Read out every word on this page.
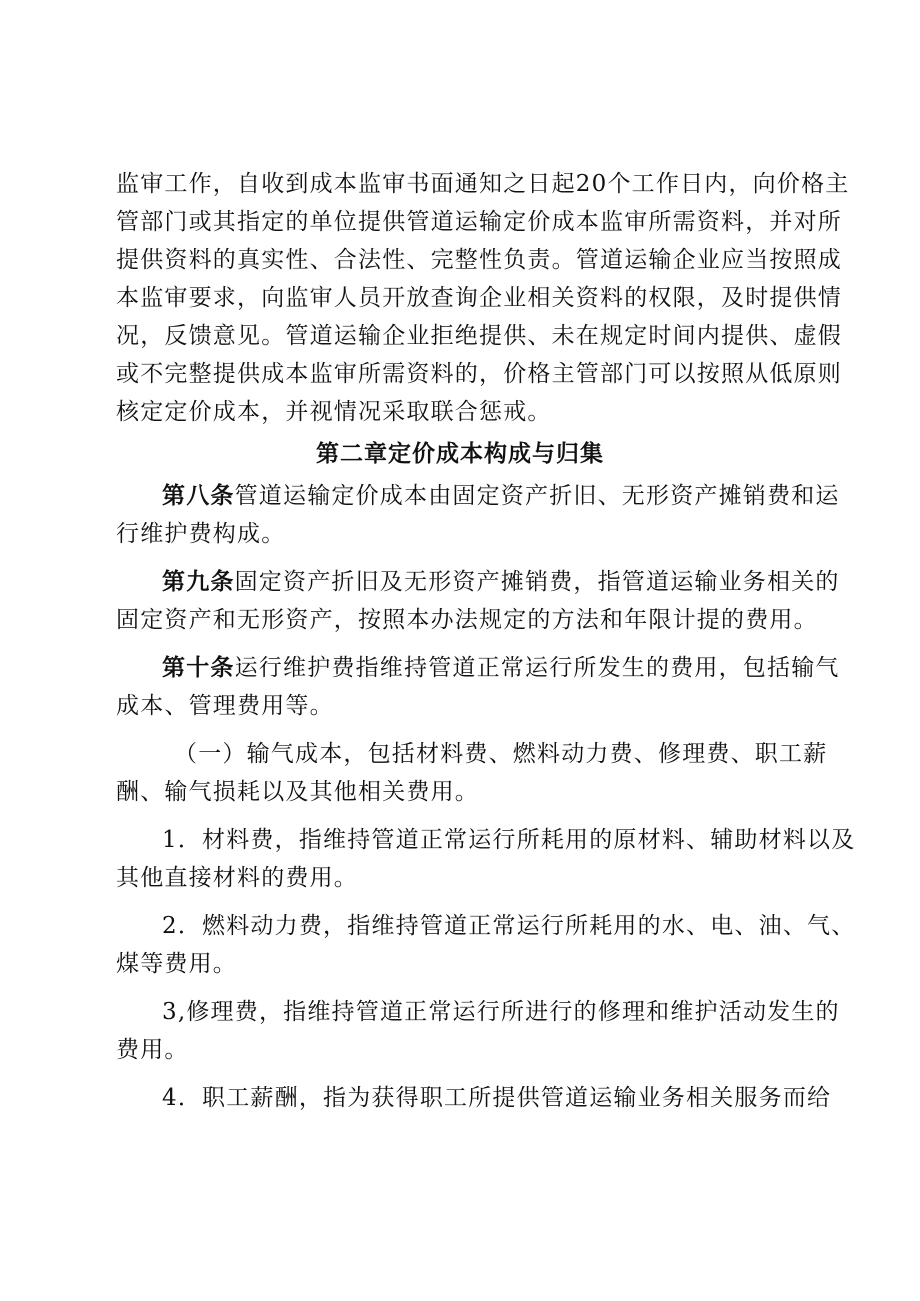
监审工作，自收到成本监审书面通知之日起20个工作日内，向价格主
管部门或其指定的单位提供管道运输定价成本监审所需资料，并对所
提供资料的真实性、合法性、完整性负责。管道运输企业应当按照成
本监审要求，向监审人员开放查询企业相关资料的权限，及时提供情
况，反馈意见。管道运输企业拒绝提供、未在规定时间内提供、虚假
或不完整提供成本监审所需资料的，价格主管部门可以按照从低原则
核定定价成本，并视情况采取联合惩戒。
第二章定价成本构成与归集
第八条管道运输定价成本由固定资产折旧、无形资产摊销费和运
行维护费构成。
第九条固定资产折旧及无形资产摊销费，指管道运输业务相关的
固定资产和无形资产，按照本办法规定的方法和年限计提的费用。
第十条运行维护费指维持管道正常运行所发生的费用，包括输气
成本、管理费用等。
（一）输气成本，包括材料费、燃料动力费、修理费、职工薪
酬、输气损耗以及其他相关费用。
1．材料费，指维持管道正常运行所耗用的原材料、辅助材料以及
其他直接材料的费用。
2．燃料动力费，指维持管道正常运行所耗用的水、电、油、气、
煤等费用。
3,修理费，指维持管道正常运行所进行的修理和维护活动发生的
费用。
4．职工薪酬，指为获得职工所提供管道运输业务相关服务而给
